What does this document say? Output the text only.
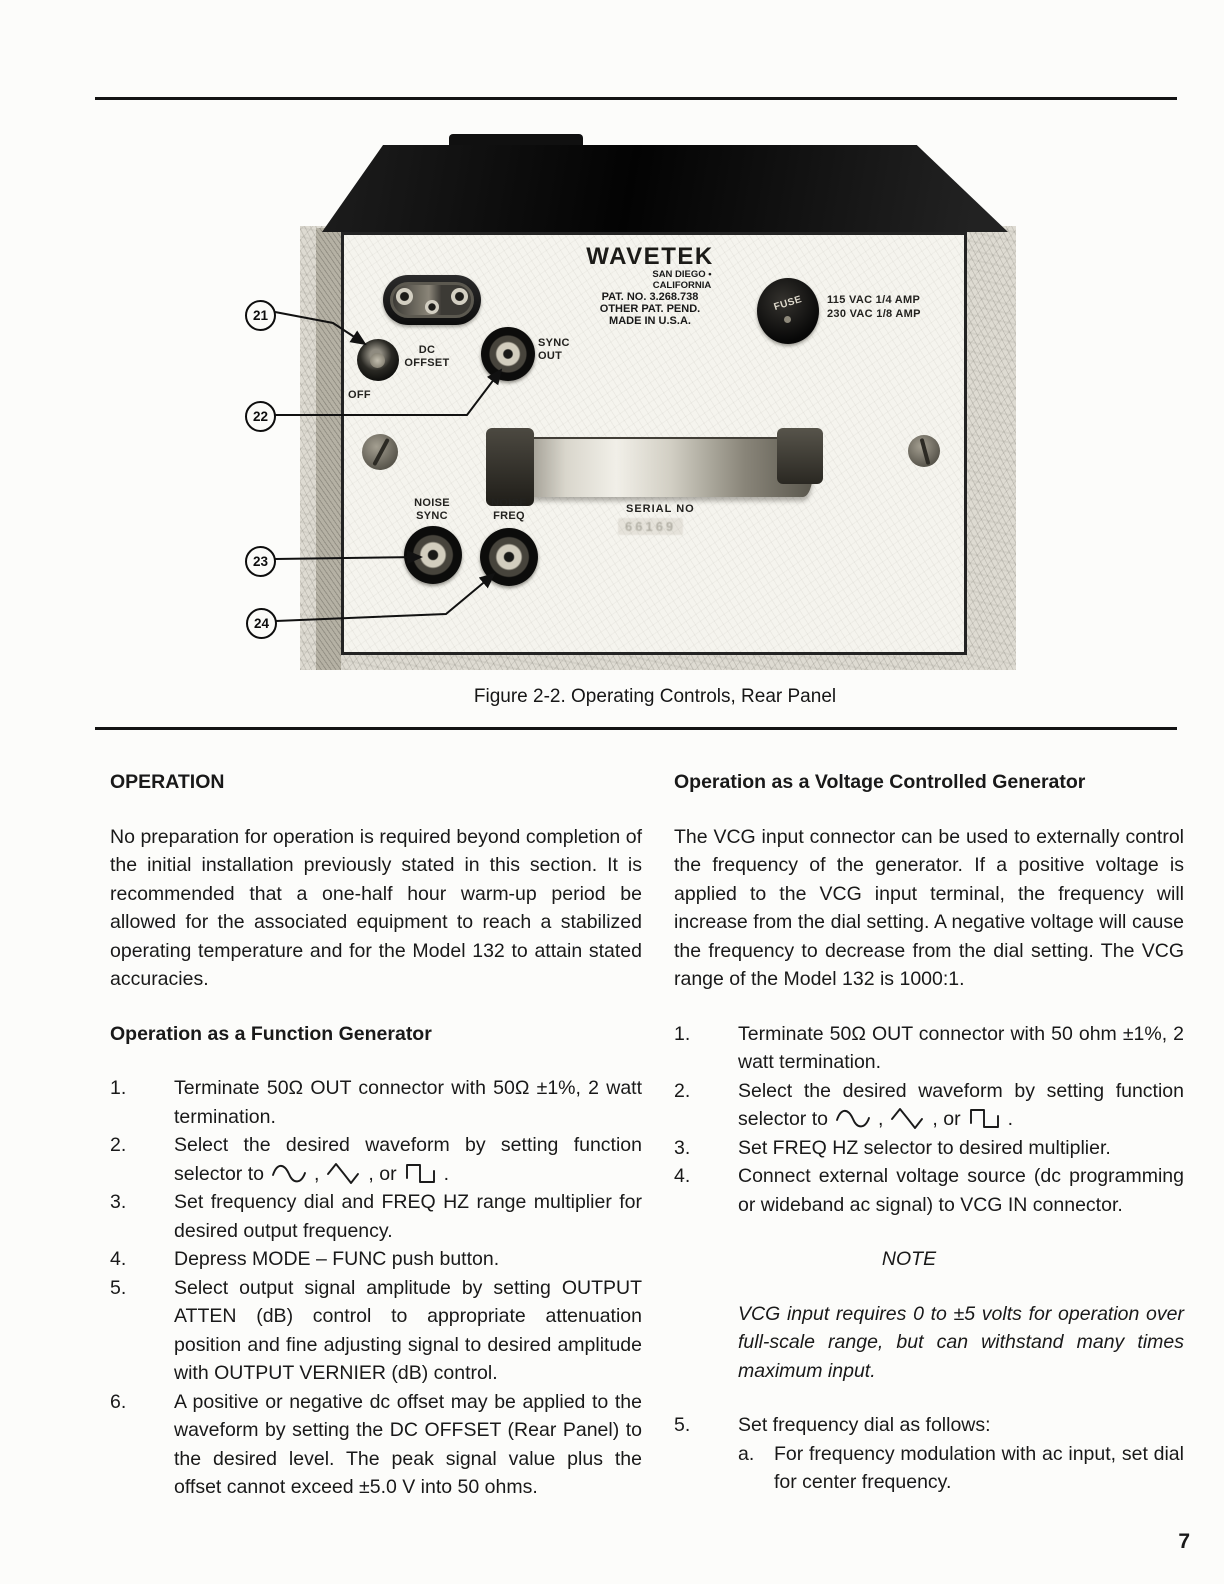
WAVETEK
SAN DIEGO • CALIFORNIA
PAT. NO. 3.268.738
OTHER PAT. PEND.
MADE IN U.S.A.
FUSE	115 VAC 1/4 AMP
230 VAC 1/8 AMP
DC
OFFSET
OFF
SYNC
OUT
NOISE
SYNC
NOISE
FREQ
SERIAL NO
66169
21
22
23
24
Figure 2-2. Operating Controls, Rear Panel
OPERATION

No preparation for operation is required beyond completion of the initial installation previously stated in this section. It is recommended that a one-half hour warm-up period be allowed for the associated equipment to reach a stabilized operating temperature and for the Model 132 to attain stated accuracies.

Operation as a Function Generator
1.	Terminate 50Ω OUT connector with 50Ω ±1%, 2 watt termination.
2.	Select the desired waveform by setting function
selector to	,	, or .
3.	Set frequency dial and FREQ HZ range multiplier for desired output frequency.
4.	Depress MODE – FUNC push button.
5.	Select output signal amplitude by setting OUTPUT ATTEN (dB) control to appropriate attenuation position and fine adjusting signal to desired amplitude with OUTPUT VERNIER (dB) control.
6.	A positive or negative dc offset may be applied to the waveform by setting the DC OFFSET (Rear Panel) to the desired level. The peak signal value plus the offset cannot exceed ±5.0 V into 50 ohms.
Operation as a Voltage Controlled Generator

The VCG input connector can be used to externally control the frequency of the generator. If a positive voltage is applied to the VCG input terminal, the frequency will increase from the dial setting. A negative voltage will cause the frequency to decrease from the dial setting. The VCG range of the Model 132 is 1000:1.

1.	Terminate 50Ω OUT connector with 50 ohm ±1%, 2 watt termination.
2.	Select the desired waveform by setting function
selector to	,	, or .
3.	Set FREQ HZ selector to desired multiplier.
4.	Connect external voltage source (dc programming or wideband ac signal) to VCG IN connector.
NOTE
VCG input requires 0 to ±5 volts for operation over full-scale range, but can withstand many times maximum input.
5.	Set frequency dial as follows:
a.	For frequency modulation with ac input, set dial for center frequency.
7
